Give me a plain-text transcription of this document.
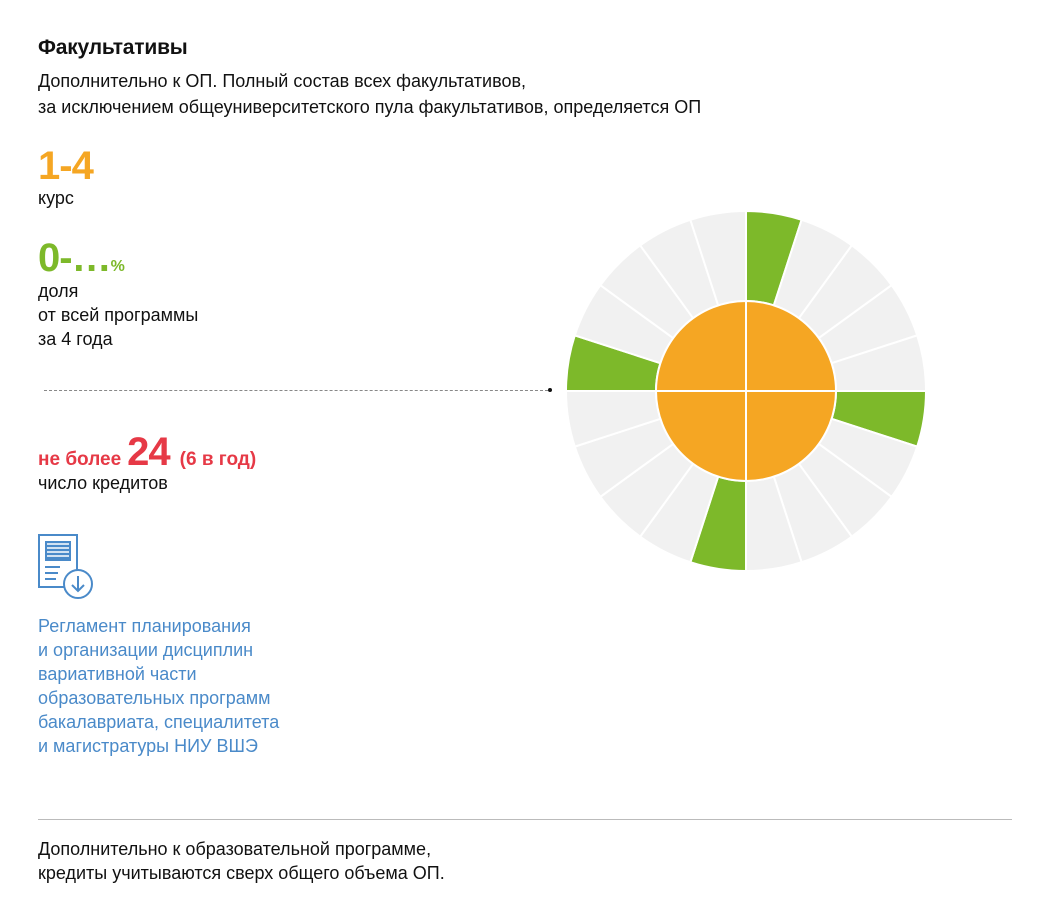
Факультативы
Дополнительно к ОП. Полный состав всех факультативов,
за исключением общеуниверситетского пула факультативов, определяется ОП
1-4
курс
0-…%
доля
от всей программы
за 4 года
не более 24 (6 в год)
число кредитов
Регламент планирования
и организации дисциплин
вариативной части
образовательных программ
бакалавриата, специалитета
и магистратуры НИУ ВШЭ
Дополнительно к образовательной программе,
кредиты учитываются сверх общего объема ОП.
